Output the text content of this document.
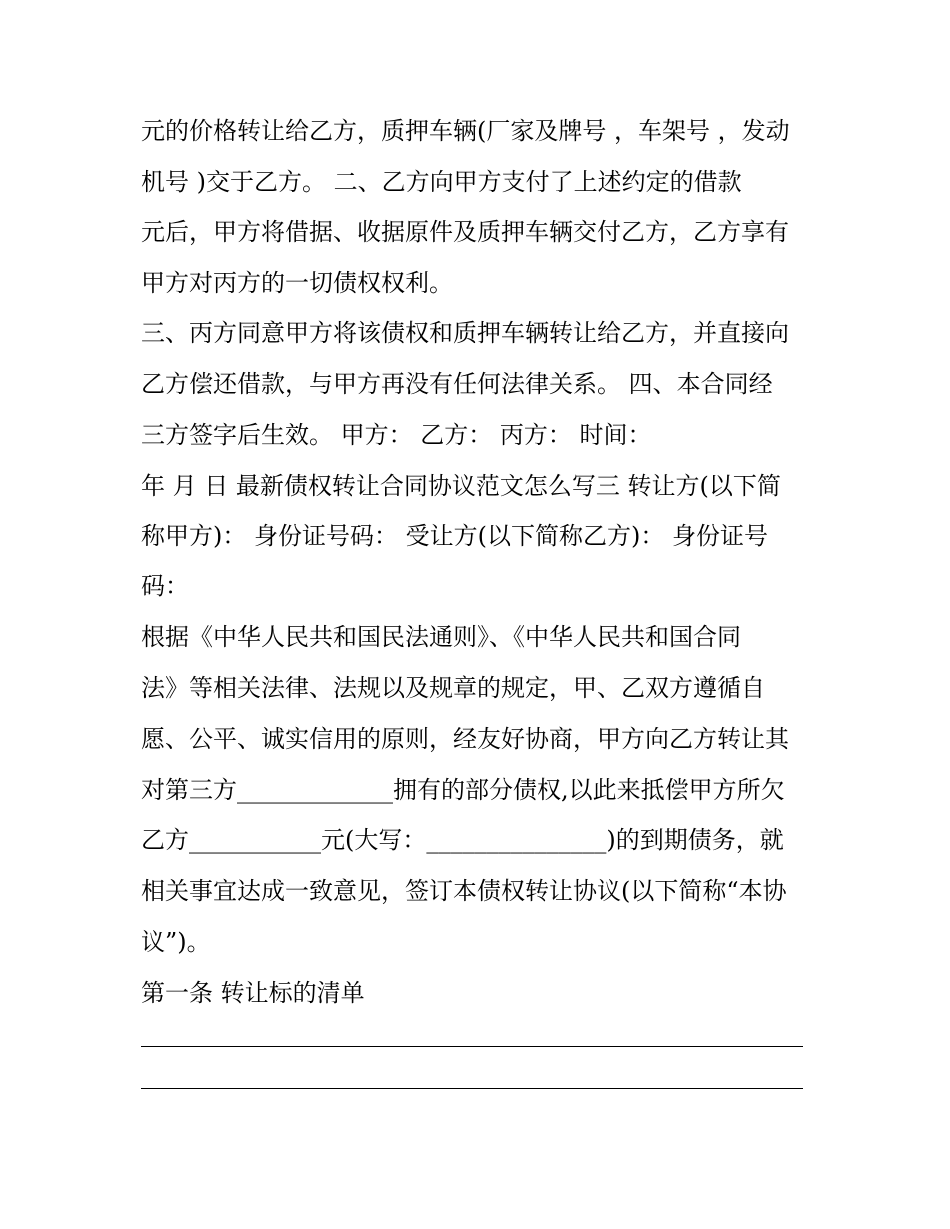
元的价格转让给乙方，质押车辆(厂家及牌号 ，车架号 ，发动
机号 )交于乙方。 二、乙方向甲方支付了上述约定的借款
元后，甲方将借据、收据原件及质押车辆交付乙方，乙方享有
甲方对丙方的一切债权权利。
三、丙方同意甲方将该债权和质押车辆转让给乙方，并直接向
乙方偿还借款，与甲方再没有任何法律关系。 四、本合同经
三方签字后生效。 甲方： 乙方： 丙方： 时间：
年 月 日 最新债权转让合同协议范文怎么写三 转让方(以下简
称甲方)： 身份证号码： 受让方(以下简称乙方)： 身份证号
码：
根据《中华人民共和国民法通则》、《中华人民共和国合同
法》等相关法律、法规以及规章的规定，甲、乙双方遵循自
愿、公平、诚实信用的原则，经友好协商，甲方向乙方转让其
对第三方_____________拥有的部分债权,以此来抵偿甲方所欠
乙方___________元(大写：_______________)的到期债务，就
相关事宜达成一致意见，签订本债权转让协议(以下简称“本协
议”)。
第一条 转让标的清单
